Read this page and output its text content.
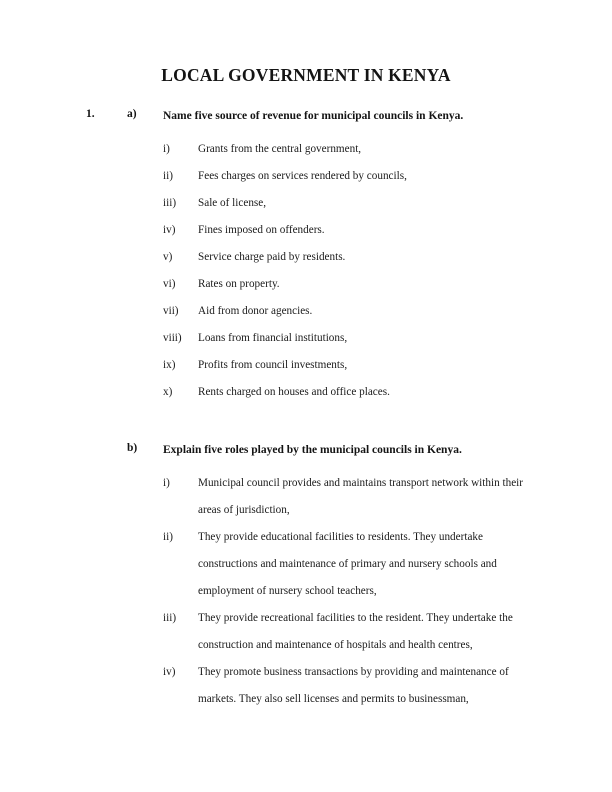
LOCAL GOVERNMENT IN KENYA
1.	a) Name five source of revenue for municipal councils in Kenya.
i)	Grants from the central government,
ii) Fees charges on services rendered by councils,
iii) Sale of license,
iv) Fines imposed on offenders.
v) Service charge paid by residents.
vi) Rates on property.
vii) Aid from donor agencies.
viii) Loans from financial institutions,
ix) Profits from council investments,
x) Rents charged on houses and office places.
b) Explain five roles played by the municipal councils in Kenya.
i)	Municipal council provides and maintains transport network within their areas of jurisdiction,
ii) They provide educational facilities to residents. They undertake constructions and maintenance of primary and nursery schools and employment of nursery school teachers,
iii) They provide recreational facilities to the resident. They undertake the construction and maintenance of hospitals and health centres,
iv) They promote business transactions by providing and maintenance of markets. They also sell licenses and permits to businessman,
